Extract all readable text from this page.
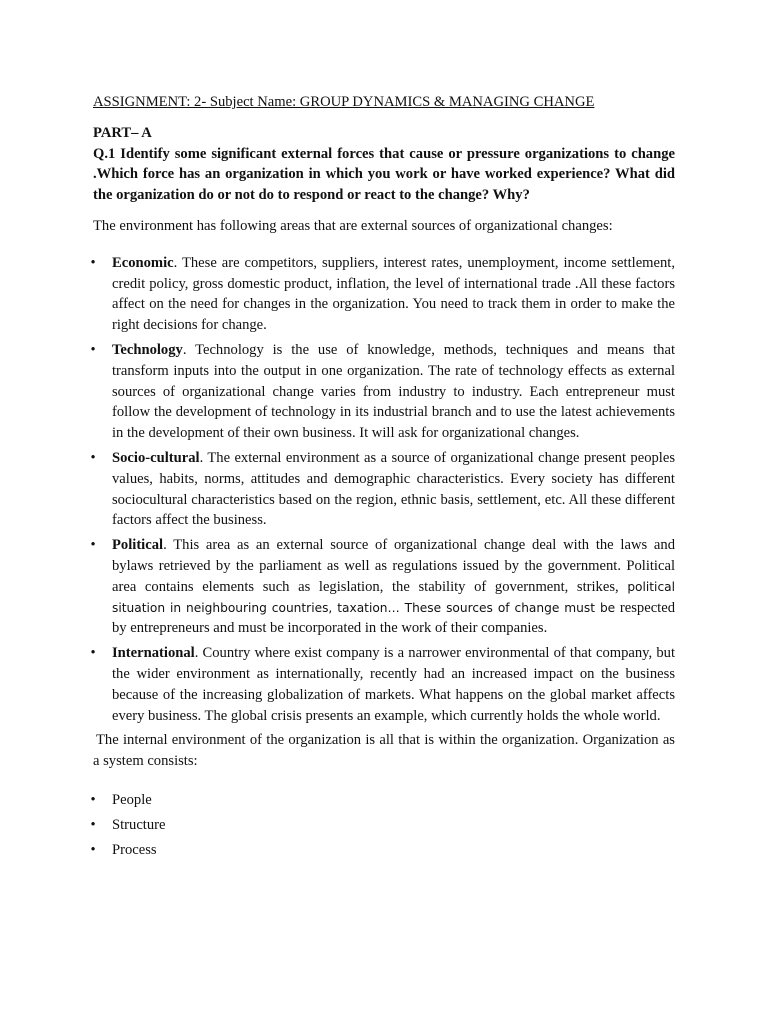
ASSIGNMENT: 2- Subject Name: GROUP DYNAMICS & MANAGING CHANGE

PART– A

Q.1 Identify some significant external forces that cause or pressure organizations to change .Which force has an organization in which you work or have worked experience? What did the organization do or not do to respond or react to the change? Why?

The environment has following areas that are external sources of organizational changes:

• Economic. These are competitors, suppliers, interest rates, unemployment, income settlement, credit policy, gross domestic product, inflation, the level of international trade .All these factors affect on the need for changes in the organization. You need to track them in order to make the right decisions for change.
• Technology. Technology is the use of knowledge, methods, techniques and means that transform inputs into the output in one organization. The rate of technology effects as external sources of organizational change varies from industry to industry. Each entrepreneur must follow the development of technology in its industrial branch and to use the latest achievements in the development of their own business. It will ask for organizational changes.
• Socio-cultural. The external environment as a source of organizational change present peoples values, habits, norms, attitudes and demographic characteristics. Every society has different sociocultural characteristics based on the region, ethnic basis, settlement, etc. All these different factors affect the business.
• Political. This area as an external source of organizational change deal with the laws and bylaws retrieved by the parliament as well as regulations issued by the government. Political area contains elements such as legislation, the stability of government, strikes, political situation in neighbouring countries, taxation… These sources of change must be respected by entrepreneurs and must be incorporated in the work of their companies.
• International. Country where exist company is a narrower environmental of that company, but the wider environment as internationally, recently had an increased impact on the business because of the increasing globalization of markets. What happens on the global market affects every business. The global crisis presents an example, which currently holds the whole world.

The internal environment of the organization is all that is within the organization. Organization as a system consists:

• People
• Structure
• Process
